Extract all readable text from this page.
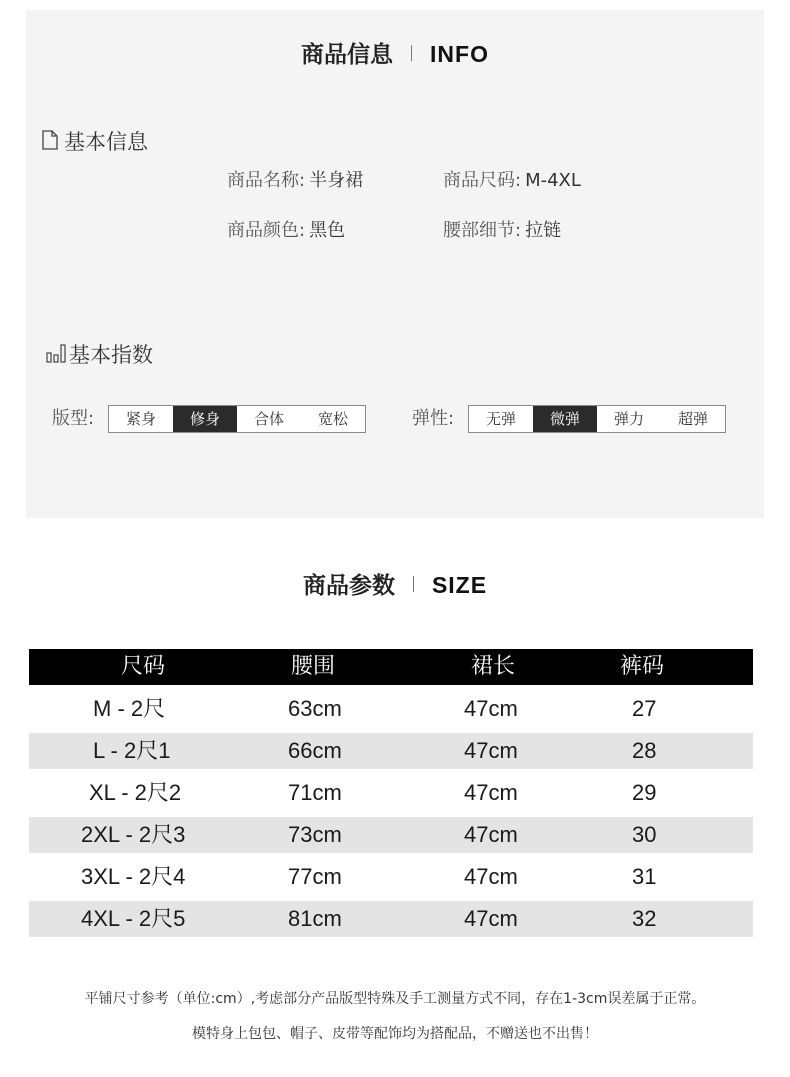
商品信息 INFO
基本信息
商品名称: 半身裙	商品尺码: M-4XL
商品颜色: 黑色	腰部细节: 拉链
基本指数
版型:	紧身	修身	合体	宽松	弹性:	无弹	微弹	弹力	超弹
商品参数 SIZE
尺码	腰围	裙长	裤码
M - 2尺	63cm	47cm	27
L - 2尺1	66cm	47cm	28
XL - 2尺2	71cm	47cm	29
2XL - 2尺3	73cm	47cm	30
3XL - 2尺4	77cm	47cm	31
4XL - 2尺5	81cm	47cm	32
平铺尺寸参考（单位:cm）,考虑部分产品版型特殊及手工测量方式不同，存在1-3cm误差属于正常。
模特身上包包、帽子、皮带等配饰均为搭配品，不赠送也不出售！
